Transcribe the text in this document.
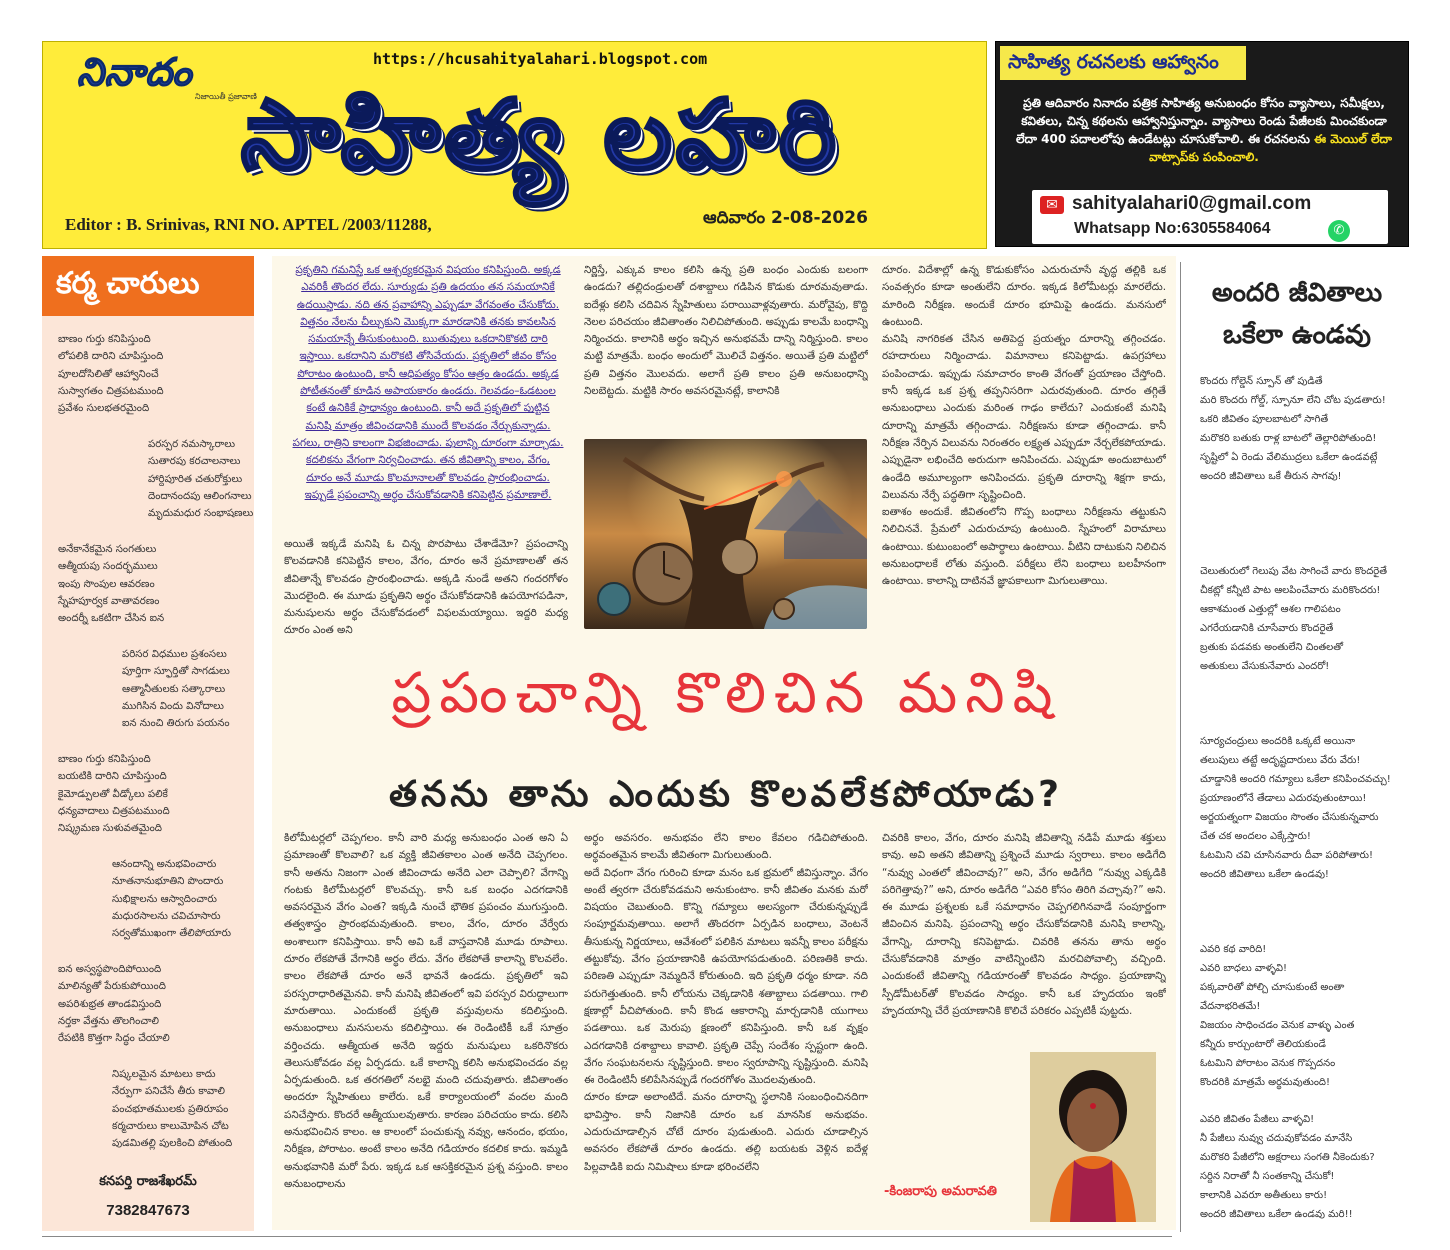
నినాదం
నిజాయితీ ప్రజావాణి
https://hcusahityalahari.blogspot.com
సాహిత్య లహరి
Editor : B. Srinivas, RNI NO. APTEL /2003/11288,	ఆదివారం 2-08-2026
సాహిత్య రచనలకు ఆహ్వానం
ప్రతి ఆదివారం నినాదం పత్రిక సాహిత్య అనుబంధం కోసం వ్యాసాలు, సమీక్షలు, కవితలు, చిన్న కథలను ఆహ్వానిస్తున్నాం. వ్యాసాలు రెండు పేజీలకు మించకుండా లేదా 400 పదాలలోపు ఉండేటట్లు చూసుకోవాలి. ఈ రచనలను ఈ మెయిల్ లేదా వాట్సాప్‌కు పంపించాలి.
✉ sahityalahari0@gmail.com
Whatsapp No:6305584064	✆
కర్మ చారులు
బాణం గుర్తు కనిపిస్తుంది
లోపలికి దారిని చూపిస్తుంది
పూలదోసిలితో ఆహ్వానించే
సుస్వాగతం చిత్రపటముంది
ప్రవేశం సులభతరమైంది
పరస్పర నమస్కారాలు
సుతారపు కరచాలనాలు
హార్దిపూరిత చతురోక్తులు
దెందానందపు ఆలింగనాలు
మృదుమధుర సంభాషణలు
అనేకానేకమైన సంగతులు
ఆత్మీయపు సందర్భములు
ఇంపు సొంపుల ఆవరణం
స్నేహపూర్వక వాతావరణం
అందర్నీ ఒకటిగా చేసిన ఐన
పరిసర విధముల ప్రశంసలు
పూర్తిగా స్ఫూర్తితో సాగడులు
ఆత్మానీతులకు సత్కారాలు
ముగిసిన విందు వినోదాలు
ఐన నుంచి తిరుగు పయనం
బాణం గుర్తు కనిపిస్తుంది
బయటికి దారిని చూపిస్తుంది
కైమోడ్పులతో వీడ్కోలు పలికే
ధన్యవాదాలు చిత్రపటముంది
నిష్క్రమణ సుళువతమైంది
ఆనందాన్ని అనుభవించారు
నూతనానుభూతిని పొందారు
సుభిక్షాలను ఆస్వాదించారు
మధురసాలను చవిచూసారు
సర్వతోముఖంగా తేలిపోయారు
ఐన అస్వస్థపొందిపోయింది
మాలిన్యతో పేరుకుపోయింది
అపరిశుభ్రత తాండవిస్తుంది
నర్తకా వేత్తను తొలగించాలి
రేపటికి కొత్తగా సిద్ధం చేయాలి
నిష్కలమైన మాటలు కాదు
నేర్పుగా పనిచేసే తీరు కావాలి
పంచభూతములకు ప్రతిరూపం
కర్మచారులు కాలుమోపిన చోట
పుడమితల్లి పులకించి పోతుంది
కనపర్తి రాజశేఖరమ్
7382847673
ప్రకృతిని గమనిస్తే ఒక ఆశ్చర్యకరమైన విషయం కనిపిస్తుంది. అక్కడ ఎవరికీ తొందర లేదు. సూర్యుడు ప్రతి ఉదయం తన సమయానికే ఉదయిస్తాడు. నది తన ప్రవాహాన్ని ఎప్పుడూ వేగవంతం చేసుకోదు. విత్తనం నేలను చీల్చుకుని మొక్కగా మారడానికి తనకు కావలసిన సమయాన్నే తీసుకుంటుంది. ఋతువులు ఒకదానికొకటి దారి ఇస్తాయి. ఒకదానిని మరొకటి తోసివేయదు. ప్రకృతిలో జీవం కోసం పోరాటం ఉంటుంది, కానీ ఆధిపత్యం కోసం ఆత్రం ఉండదు. అక్కడ పోటీతనంతో కూడిన అపాయకారం ఉండదు. గెలవడం–ఓడటంల కంటే ఉనికికే ప్రాధాన్యం ఉంటుంది. కానీ అదే ప్రకృతిలో పుట్టిన మనిషి మాత్రం జీవించడానికి ముందే కొలవడం నేర్చుకున్నాడు. పగలు, రాత్రిని కాలంగా విభజించాడు. పులాన్ని దూరంగా మార్చాడు. కదలికను వేగంగా నిర్వచించాడు. తన జీవితాన్ని కాలం, వేగం, దూరం అనే మూడు కొలమానాలతో కొలవడం ప్రారంభించాడు. ఇప్పుడే ప్రపంచాన్ని అర్థం చేసుకోవడానికి కనిపెట్టిన ప్రమాణాలే.
అయితే ఇక్కడే మనిషి ఓ చిన్న పొరపాటు చేశాడేమో? ప్రపంచాన్ని కొలవడానికి కనిపెట్టిన కాలం, వేగం, దూరం అనే ప్రమాణాలతో తన జీవితాన్నే కొలవడం ప్రారంభించాడు. అక్కడి నుండే అతని గందరగోళం మొదలైంది. ఈ మూడు ప్రకృతిని అర్థం చేసుకోవడానికి ఉపయోగపడినా, మనుషులను అర్థం చేసుకోవడంలో విఫలమయ్యాయి. ఇద్దరి మధ్య దూరం ఎంత అని
నిర్ణిస్తే, ఎక్కువ కాలం కలిసి ఉన్న ప్రతి బంధం ఎందుకు బలంగా ఉండదు? తల్లిదండ్రులతో దశాబ్దాలు గడిపిన కొడుకు దూరమవుతాడు. ఐదేళ్లు కలిసి చదివిన స్నేహితులు పరాయివాళ్లవుతారు. మరోవైపు, కొద్ది నెలల పరిచయం జీవితాంతం నిలిచిపోతుంది. అప్పుడు కాలమే బంధాన్ని నిర్మించదు. కాలానికి అర్థం ఇచ్చిన అనుభవమే దాన్ని నిర్మిస్తుంది. కాలం మట్టి మాత్రమే. బంధం అందులో మొలిచే విత్తనం. అయితే ప్రతి మట్టిలో ప్రతి విత్తనం మొలవదు. అలాగే ప్రతి కాలం ప్రతి అనుబంధాన్ని నిలబెట్టదు. మట్టికి సారం అవసరమైనట్లే, కాలానికి
దూరం. విదేశాల్లో ఉన్న కొడుకుకోసం ఎదురుచూసే వృద్ధ తల్లికి ఒక సంవత్సరం కూడా అంతులేని దూరం. ఇక్కడ కిలోమీటర్లు మారలేదు. మారింది నిరీక్షణ. అందుకే దూరం భూమిపై ఉండదు. మనసులో ఉంటుంది.
మనిషి నాగరికత చేసిన అతిపెద్ద ప్రయత్నం దూరాన్ని తగ్గించడం. రహదారులు నిర్మించాడు. విమానాలు కనిపెట్టాడు. ఉపగ్రహాలు పంపించాడు. ఇప్పుడు సమాచారం కాంతి వేగంతో ప్రయాణం చేస్తోంది. కానీ ఇక్కడ ఒక ప్రశ్న తప్పనిసరిగా ఎదురవుతుంది. దూరం తగ్గితే అనుబంధాలు ఎందుకు మరింత గాఢం కాలేదు? ఎందుకంటే మనిషి దూరాన్ని మాత్రమే తగ్గించాడు. నిరీక్షణను కూడా తగ్గించాడు. కానీ నిరీక్షణ నేర్పిన విలువను నిరంతరం లక్ష్యత ఎప్పుడూ నేర్చలేకపోయాడు. ఎప్పుడైనా లభించేది అరుదుగా అనిపించదు. ఎప్పుడూ అందుబాటులో ఉండేది అమూల్యంగా అనిపించదు. ప్రకృతి దూరాన్ని శిక్షగా కాదు, విలువను నేర్పే పద్ధతిగా సృష్టించింది.
ఐతాశం అందుకే. జీవితంలోని గొప్ప బంధాలు నిరీక్షణను తట్టుకుని నిలిచినవే. ప్రేమలో ఎదురుచూపు ఉంటుంది. స్నేహంలో విరామాలు ఉంటాయి. కుటుంబంలో అపార్థాలు ఉంటాయి. వీటిని దాటుకుని నిలిచిన అనుబంధాలకే లోతు వస్తుంది. పరీక్షలు లేని బంధాలు బలహీనంగా ఉంటాయి. కాలాన్ని దాటినవే జ్ఞాపకాలుగా మిగులుతాయి.
ప్రపంచాన్ని కొలిచిన మనిషి
తనను తాను ఎందుకు కొలవలేకపోయాడు?
కిలోమీటర్లలో చెప్పగలం. కానీ వారి మధ్య అనుబంధం ఎంత అని ఏ ప్రమాణంతో కొలవాలి? ఒక వ్యక్తి జీవితకాలం ఎంత అనేది చెప్పగలం. కానీ అతను నిజంగా ఎంత జీవించాడు అనేది ఎలా చెప్పాలి? వేగాన్ని గంటకు కిలోమీటర్లలో కొలవచ్చు. కానీ ఒక బంధం ఎదగడానికి అవసరమైన వేగం ఎంత? ఇక్కడి నుంచే భౌతిక ప్రపంచం ముగుస్తుంది. తత్వశాస్త్రం ప్రారంభమవుతుంది. కాలం, వేగం, దూరం వేర్వేరు అంశాలుగా కనిపిస్తాయి. కానీ అవి ఒకే వాస్తవానికి మూడు రూపాలు. దూరం లేకపోతే వేగానికి అర్థం లేదు. వేగం లేకపోతే కాలాన్ని కొలవలేం. కాలం లేకపోతే దూరం అనే భావనే ఉండదు. ప్రకృతిలో ఇవి పరస్పరాధారితమైనవి. కానీ మనిషి జీవితంలో ఇవి పరస్పర విరుద్ధాలుగా మారుతాయి. ఎందుకంటే ప్రకృతి వస్తువులను కదిలిస్తుంది. అనుబంధాలు మనసులను కదిలిస్తాయి. ఈ రెండింటికీ ఒకే సూత్రం వర్తించదు. ఆత్మీయత అనేది ఇద్దరు మనుషులు ఒకరినొకరు తెలుసుకోవడం వల్ల ఏర్పడదు. ఒకే కాలాన్ని కలిసి అనుభవించడం వల్ల ఏర్పడుతుంది. ఒక తరగతిలో నలభై మంది చదువుతారు. జీవితాంతం అందరూ స్నేహితులు కాలేరు. ఒకే కార్యాలయంలో వందల మంది పనిచేస్తారు. కొందరే ఆత్మీయులవుతారు. కారణం పరిచయం కాదు. కలిసి అనుభవించిన కాలం. ఆ కాలంలో పంచుకున్న నవ్వు, ఆనందం, భయం, నిరీక్షణ, పోరాటం. అంటే కాలం అనేది గడియారం కదలిక కాదు. ఇమ్మడి అనుభవానికి మరో పేరు. ఇక్కడ ఒక ఆసక్తికరమైన ప్రశ్న వస్తుంది. కాలం అనుబంధాలను
అర్థం అవసరం. అనుభవం లేని కాలం కేవలం గడిచిపోతుంది. అర్థవంతమైన కాలమే జీవితంగా మిగులుతుంది.
అదే విధంగా వేగం గురించి కూడా మనం ఒక భ్రమలో జీవిస్తున్నాం. వేగం అంటే త్వరగా చేరుకోవడమని అనుకుంటాం. కానీ జీవితం మనకు మరో విషయం చెబుతుంది. కొన్ని గమ్యాలు అలస్యంగా చేరుకున్నప్పుడే సంపూర్ణమవుతాయి. అలాగే తొందరగా ఏర్పడిన బంధాలు, వెంటనే తీసుకున్న నిర్ణయాలు, ఆవేశంలో పలికిన మాటలు ఇవన్నీ కాలం పరీక్షను తట్టుకోవు. వేగం ప్రయాణానికి ఉపయోగపడుతుంది. పరిణతికి కాదు. పరిణతి ఎప్పుడూ నెమ్మదినే కోరుతుంది. ఇది ప్రకృతి ధర్మం కూడా. నది పరుగెత్తుతుంది. కానీ లోయను చెక్కడానికి శతాబ్దాలు పడతాయి. గాలి క్షణాల్లో వీచిపోతుంది. కానీ కొండ ఆకారాన్ని మార్చడానికి యుగాలు పడతాయి. ఒక మెరుపు క్షణంలో కనిపిస్తుంది. కానీ ఒక వృక్షం ఎదగడానికి దశాబ్దాలు కావాలి. ప్రకృతి చెప్పే సందేశం స్పష్టంగా ఉంది. వేగం సంఘటనలను సృష్టిస్తుంది. కాలం స్వరూపాన్ని సృష్టిస్తుంది. మనిషి ఈ రెండింటినీ కలిపేసినప్పుడే గందరగోళం మొదలవుతుంది.
దూరం కూడా అలాంటిదే. మనం దూరాన్ని స్థలానికి సంబంధించినదిగా భావిస్తాం. కానీ నిజానికి దూరం ఒక మానసిక అనుభవం. ఎదురుచూడాల్సిన చోటే దూరం పుడుతుంది. ఎదురు చూడాల్సిన అవసరం లేకపోతే దూరం ఉండదు. తల్లి బయటకు వెళ్లిన ఐదేళ్ల పిల్లవాడికి ఐదు నిమిషాలు కూడా భరించలేని
చివరికి కాలం, వేగం, దూరం మనిషి జీవితాన్ని నడిపే మూడు శక్తులు కావు. అవి అతని జీవితాన్ని ప్రశ్నించే మూడు స్వరాలు. కాలం అడిగేది “నువ్వు ఎంతలో జీవించావు?” అని, వేగం అడిగేది “నువ్వు ఎక్కడికి పరిగెత్తావు?” అని, దూరం అడిగేది “ఎవరి కోసం తిరిగి వచ్చావు?” అని. ఈ మూడు ప్రశ్నలకు ఒకే సమాధానం చెప్పగలిగినవాడే సంపూర్ణంగా జీవించిన మనిషి. ప్రపంచాన్ని అర్థం చేసుకోవడానికి మనిషి కాలాన్ని, వేగాన్ని, దూరాన్ని కనిపెట్టాడు. చివరికి తనను తాను అర్థం చేసుకోవడానికి మాత్రం వాటిన్నింటిని మరచిపోవాల్సి వచ్చింది. ఎందుకంటే జీవితాన్ని గడియారంతో కొలవడం సాధ్యం. ప్రయాణాన్ని స్పీడోమీటర్‌తో కొలవడం సాధ్యం. కానీ ఒక హృదయం ఇంకో హృదయాన్ని చేరే ప్రయాణానికి కొలిచే పరికరం ఎప్పటికీ పుట్టదు.
-కింజరాపు అమరావతి
అందరి జీవితాలు ఒకేలా ఉండవు
కొందరు గోల్డెన్ స్పూన్ తో పుడితే
మరి కొందరు గోల్డ్, స్పూనూ లేని చోట పుడతారు!
ఒకరి జీవితం పూలబాటలో సాగితే
మరొకరి బతుకు రాళ్ల బాటలో తెల్లారిపోతుంది!
సృష్టిలో ఏ రెండు వేలిముద్రలు ఒకేలా ఉండవట్లే
అందరి జీవితాలు ఒకే తీరున సాగవు!
చెలుతురులో గెలుపు వేట సాగించే వారు కొందరైతే
చీకట్లో కన్నీటి పాట ఆలపించేవారు మరికొందరు!
ఆకాశమంత ఎత్తుల్లో ఆశల గాలిపటం
ఎగరేయడానికి చూసేవారు కొందరైతే
బ్రతుకు పడవకు అంతులేని చింతలతో
అతుకులు వేసుకునేవారు ఎందరో!
సూర్యచంద్రులు అందరికి ఒక్కటే అయినా
తలుపులు తట్టే అదృష్టదారులు వేరు వేరు!
చూడ్డానికి అందరి గమ్యాలు ఒకేలా కనిపించవచ్చు!
ప్రయాణంలోనే తేడాలు ఎదురవుతుంటాయి!
అర్జయత్నంగా విజయం సొంతం చేసుకున్నవారు
చేత చక అందలం ఎక్కేస్తారు!
ఓటమిని చవి చూసినవారు దీవా పరిపోతారు!
అందరి జీవితాలు ఒకేలా ఉండవు!
ఎవరి కథ వారిది!
ఎవరి బాధలు వాళ్ళవి!
పక్కవారితో పోల్చి చూసుకుంటే అంతా వేదనాభరితమే!
విజయం సాధించడం వెనుక వాళ్ళు ఎంత
కన్నీరు కార్చుంటారో తెలియకుండే
ఓటమిని పోరాటం వెనుక గొప్పదనం
కొందరికి మాత్రమే అర్థమవుతుంది!
ఎవరి జీవితం పేజీలు వాళ్ళవి!
నీ పేజీలు నువ్వు చదువుకోవడం మానేసి
మరొకరి పేజీలోని అక్షరాలు సంగతి నీకెందుకు?
సర్దిన నిరాతో నీ సంతకాన్ని చేసుకో!
కాలానికి ఎవరూ అతీతులు కారు!
అందరి జీవితాలు ఒకేలా ఉండవు మరి!!
